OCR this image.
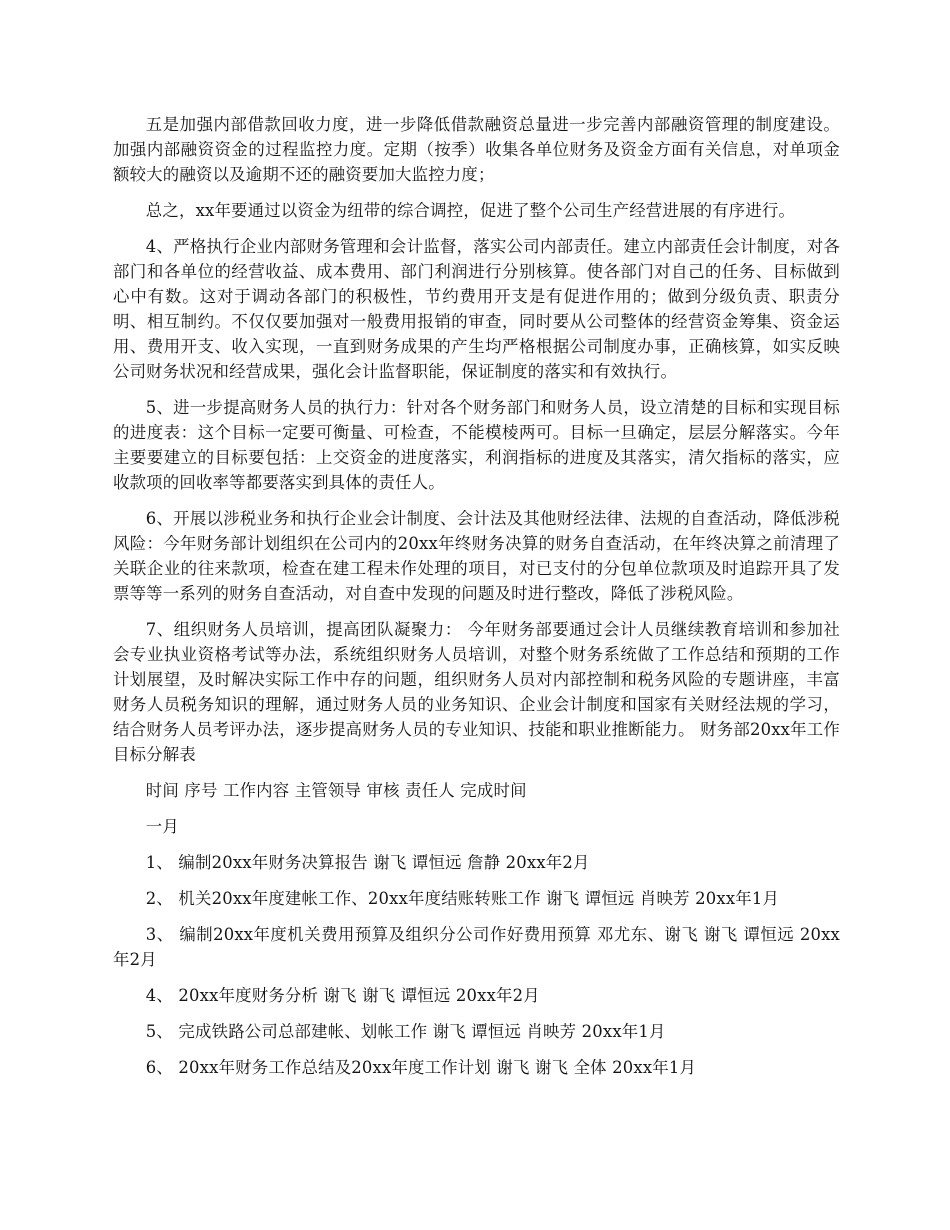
五是加强内部借款回收力度，进一步降低借款融资总量进一步完善内部融资管理的制度建设。加强内部融资资金的过程监控力度。定期（按季）收集各单位财务及资金方面有关信息，对单项金额较大的融资以及逾期不还的融资要加大监控力度；

总之，xx年要通过以资金为纽带的综合调控，促进了整个公司生产经营进展的有序进行。

4、严格执行企业内部财务管理和会计监督，落实公司内部责任。建立内部责任会计制度，对各部门和各单位的经营收益、成本费用、部门利润进行分别核算。使各部门对自己的任务、目标做到心中有数。这对于调动各部门的积极性，节约费用开支是有促进作用的；做到分级负责、职责分明、相互制约。不仅仅要加强对一般费用报销的审查，同时要从公司整体的经营资金筹集、资金运用、费用开支、收入实现，一直到财务成果的产生均严格根据公司制度办事，正确核算，如实反映公司财务状况和经营成果，强化会计监督职能，保证制度的落实和有效执行。

5、进一步提高财务人员的执行力：针对各个财务部门和财务人员，设立清楚的目标和实现目标的进度表：这个目标一定要可衡量、可检查，不能模棱两可。目标一旦确定，层层分解落实。今年主要要建立的目标要包括：上交资金的进度落实，利润指标的进度及其落实，清欠指标的落实，应收款项的回收率等都要落实到具体的责任人。

6、开展以涉税业务和执行企业会计制度、会计法及其他财经法律、法规的自查活动，降低涉税风险：今年财务部计划组织在公司内的20xx年终财务决算的财务自查活动，在年终决算之前清理了关联企业的往来款项，检查在建工程未作处理的项目，对已支付的分包单位款项及时追踪开具了发票等等一系列的财务自查活动，对自查中发现的问题及时进行整改，降低了涉税风险。

7、组织财务人员培训，提高团队凝聚力： 今年财务部要通过会计人员继续教育培训和参加社会专业执业资格考试等办法，系统组织财务人员培训，对整个财务系统做了工作总结和预期的工作计划展望，及时解决实际工作中存的问题，组织财务人员对内部控制和税务风险的专题讲座，丰富财务人员税务知识的理解，通过财务人员的业务知识、企业会计制度和国家有关财经法规的学习，结合财务人员考评办法，逐步提高财务人员的专业知识、技能和职业推断能力。 财务部20xx年工作目标分解表

时间 序号 工作内容 主管领导 审核 责任人 完成时间

一月

1、 编制20xx年财务决算报告 谢飞 谭恒远 詹静 20xx年2月

2、 机关20xx年度建帐工作、20xx年度结账转账工作 谢飞 谭恒远 肖映芳 20xx年1月

3、 编制20xx年度机关费用预算及组织分公司作好费用预算 邓尤东、谢飞 谢飞 谭恒远 20xx年2月

4、 20xx年度财务分析 谢飞 谢飞 谭恒远 20xx年2月

5、 完成铁路公司总部建帐、划帐工作 谢飞 谭恒远 肖映芳 20xx年1月

6、 20xx年财务工作总结及20xx年度工作计划 谢飞 谢飞 全体 20xx年1月
